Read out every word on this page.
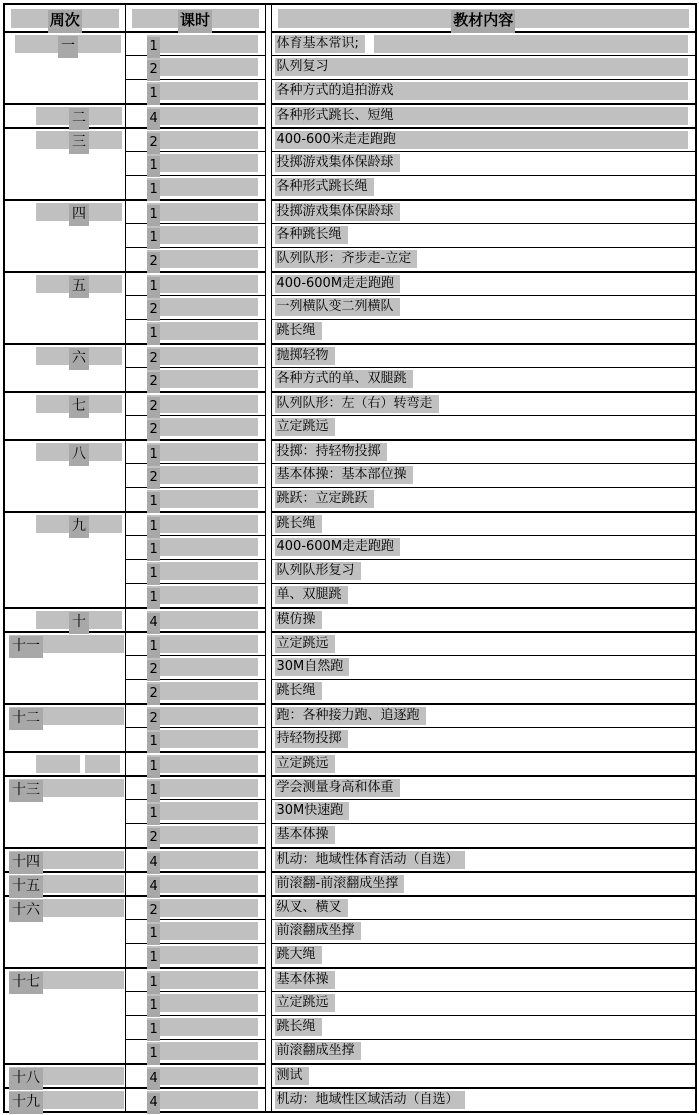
周次	课时		教材内容

一	1		体育基本常识;

	2		队列复习

	1		各种方式的追拍游戏

二	4		各种形式跳长、短绳

三	2		400-600米走走跑跑

	1		投掷游戏集体保龄球

	1		各种形式跳长绳

四	1		投掷游戏集体保龄球

	1		各种跳长绳

	2		队列队形：齐步走-立定

五	1		400-600M走走跑跑

	2		一列横队变二列横队

	1		跳长绳

六	2		抛掷轻物

	2		各种方式的单、双腿跳

七	2		队列队形：左（右）转弯走

	2		立定跳远

八	1		投掷：持轻物投掷

	2		基本体操：基本部位操

	1		跳跃：立定跳跃

九	1		跳长绳

	1		400-600M走走跑跑

	1		队列队形复习

	1		单、双腿跳

十	4		模仿操

十一	1		立定跳远

	2		30M自然跑

	2		跳长绳

十二	2		跑：各种接力跑、追逐跑

	1		持轻物投掷

	1		立定跳远

十三	1		学会测量身高和体重

	1		30M快速跑

	2		基本体操

十四	4		机动：地域性体育活动（自选）

十五	4		前滚翻-前滚翻成坐撑

十六	2		纵叉、横叉

	1		前滚翻成坐撑

	1		跳大绳

十七	1		基本体操

	1		立定跳远

	1		跳长绳

	1		前滚翻成坐撑

十八	4		测试

十九	4		机动：地域性区域活动（自选）
